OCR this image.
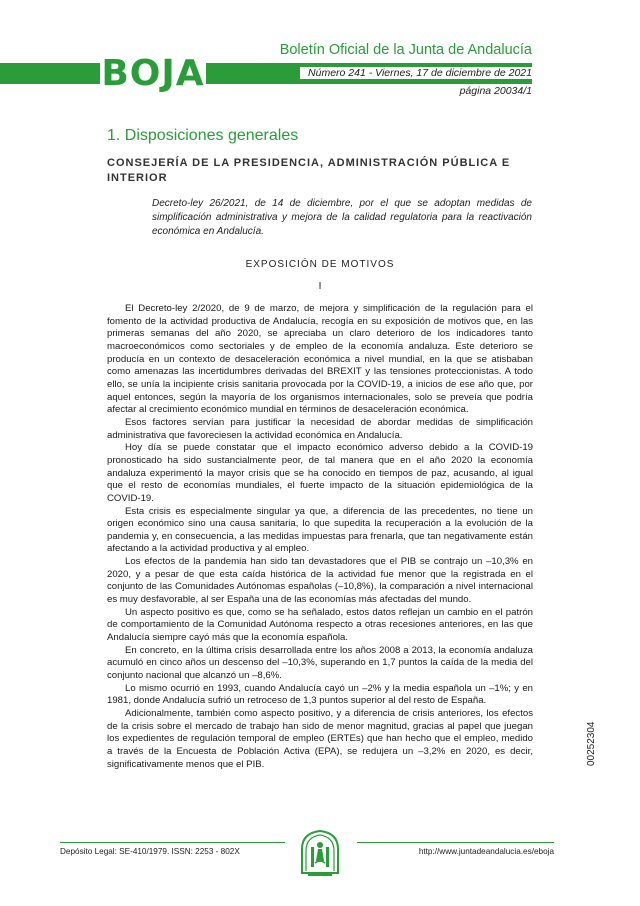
BOJA
Boletín Oficial de la Junta de Andalucía
Número 241 - Viernes, 17 de diciembre de 2021
página 20034/1
1. Disposiciones generales
CONSEJERÍA DE LA PRESIDENCIA, ADMINISTRACIÓN PÚBLICA E INTERIOR
Decreto-ley 26/2021, de 14 de diciembre, por el que se adoptan medidas de simplificación administrativa y mejora de la calidad regulatoria para la reactivación económica en Andalucía.
EXPOSICIÓN DE MOTIVOS
I

El Decreto-ley 2/2020, de 9 de marzo, de mejora y simplificación de la regulación para el fomento de la actividad productiva de Andalucía, recogía en su exposición de motivos que, en las primeras semanas del año 2020, se apreciaba un claro deterioro de los indicadores tanto macroeconómicos como sectoriales y de empleo de la economía andaluza. Este deterioro se producía en un contexto de desaceleración económica a nivel mundial, en la que se atisbaban como amenazas las incertidumbres derivadas del BREXIT y las tensiones proteccionistas. A todo ello, se unía la incipiente crisis sanitaria provocada por la COVID-19, a inicios de ese año que, por aquel entonces, según la mayoría de los organismos internacionales, solo se preveía que podría afectar al crecimiento económico mundial en términos de desaceleración económica.

Esos factores servían para justificar la necesidad de abordar medidas de simplificación administrativa que favoreciesen la actividad económica en Andalucía.

Hoy día se puede constatar que el impacto económico adverso debido a la COVID-19 pronosticado ha sido sustancialmente peor, de tal manera que en el año 2020 la economía andaluza experimentó la mayor crisis que se ha conocido en tiempos de paz, acusando, al igual que el resto de economías mundiales, el fuerte impacto de la situación epidemiológica de la COVID-19.

Esta crisis es especialmente singular ya que, a diferencia de las precedentes, no tiene un origen económico sino una causa sanitaria, lo que supedita la recuperación a la evolución de la pandemia y, en consecuencia, a las medidas impuestas para frenarla, que tan negativamente están afectando a la actividad productiva y al empleo.

Los efectos de la pandemia han sido tan devastadores que el PIB se contrajo un –10,3% en 2020, y a pesar de que esta caída histórica de la actividad fue menor que la registrada en el conjunto de las Comunidades Autónomas españolas (–10,8%), la comparación a nivel internacional es muy desfavorable, al ser España una de las economías más afectadas del mundo.

Un aspecto positivo es que, como se ha señalado, estos datos reflejan un cambio en el patrón de comportamiento de la Comunidad Autónoma respecto a otras recesiones anteriores, en las que Andalucía siempre cayó más que la economía española.

En concreto, en la última crisis desarrollada entre los años 2008 a 2013, la economía andaluza acumuló en cinco años un descenso del –10,3%, superando en 1,7 puntos la caída de la media del conjunto nacional que alcanzó un –8,6%.

Lo mismo ocurrió en 1993, cuando Andalucía cayó un –2% y la media española un –1%; y en 1981, donde Andalucía sufrió un retroceso de 1,3 puntos superior al del resto de España.

Adicionalmente, también como aspecto positivo, y a diferencia de crisis anteriores, los efectos de la crisis sobre el mercado de trabajo han sido de menor magnitud, gracias al papel que juegan los expedientes de regulación temporal de empleo (ERTEs) que han hecho que el empleo, medido a través de la Encuesta de Población Activa (EPA), se redujera un –3,2% en 2020, es decir, significativamente menos que el PIB.	00252304
Depósito Legal: SE-410/1979. ISSN: 2253 - 802X	http://www.juntadeandalucia.es/eboja
